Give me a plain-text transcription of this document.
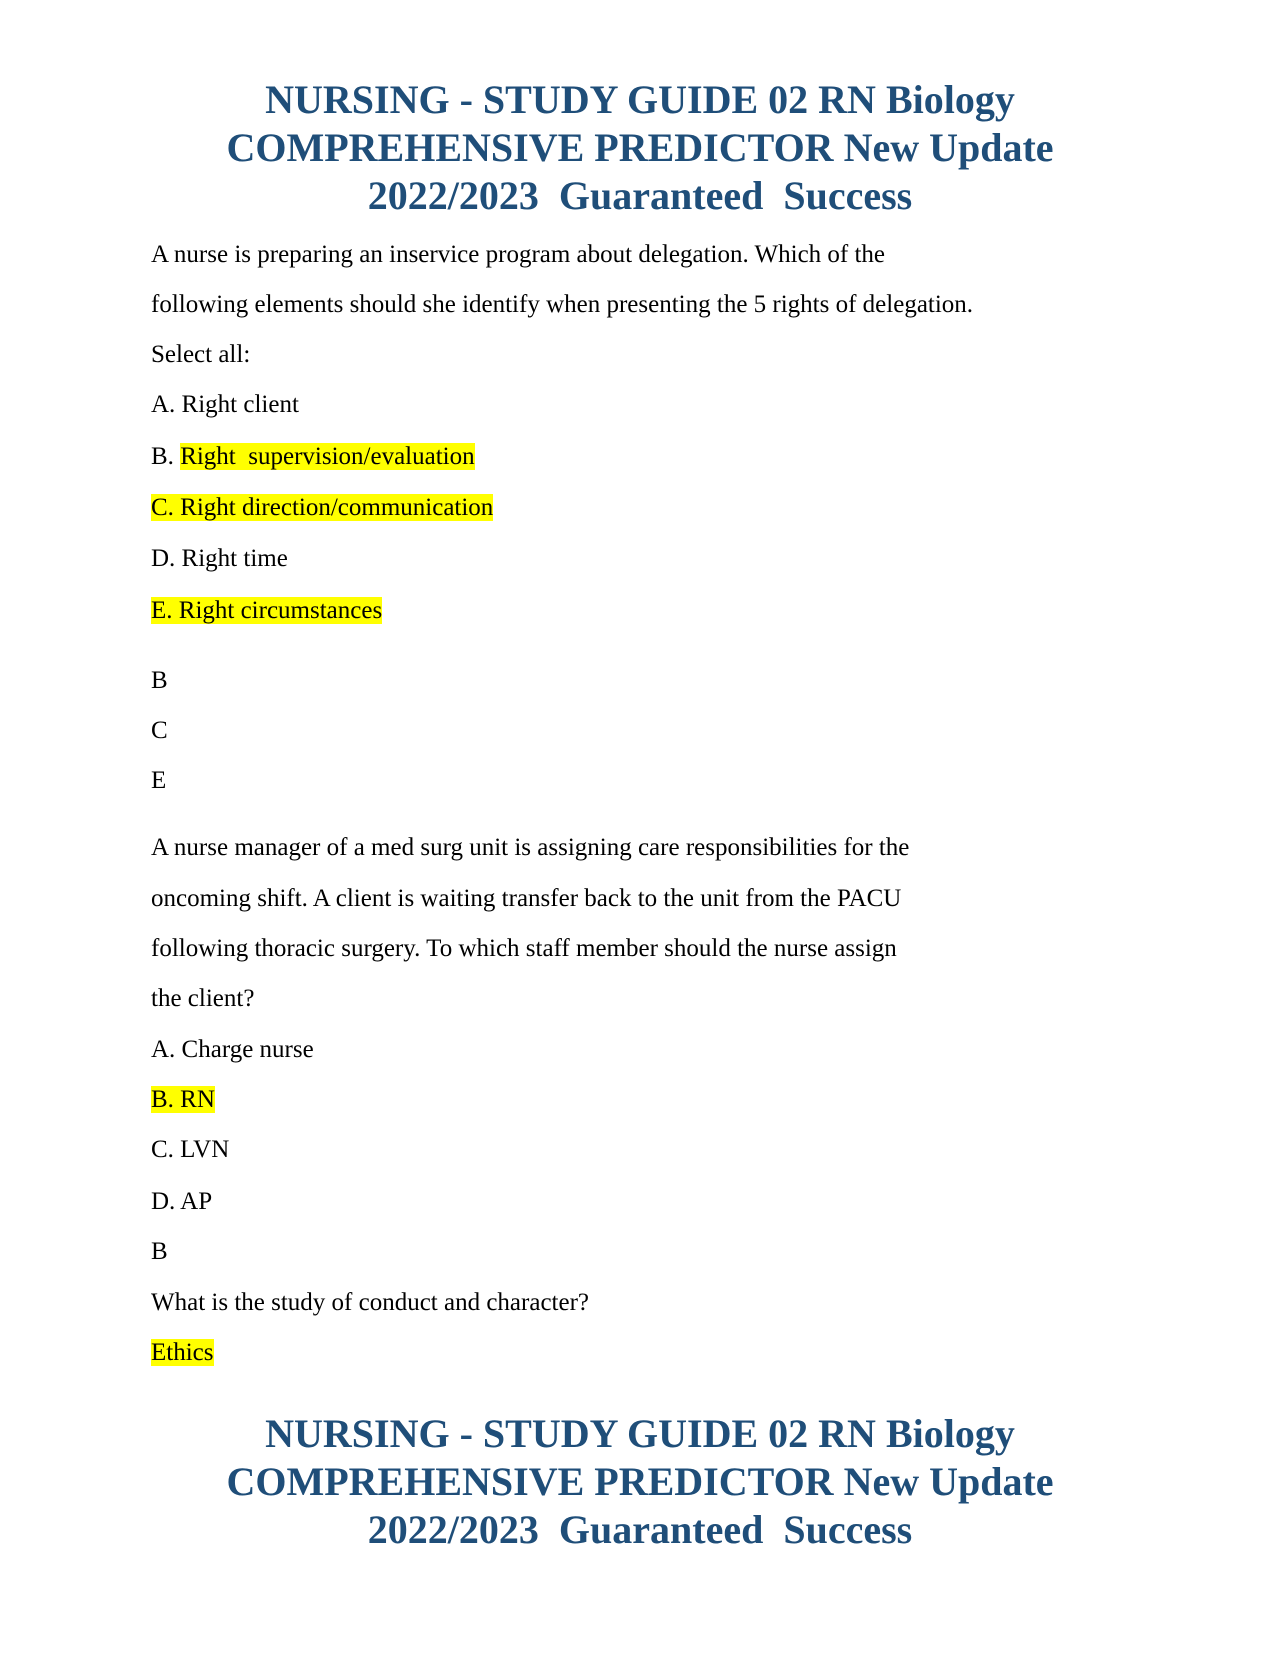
NURSING - STUDY GUIDE 02 RN Biology
COMPREHENSIVE PREDICTOR New Update
2022/2023  Guaranteed  Success
A nurse is preparing an inservice program about delegation. Which of the
following elements should she identify when presenting the 5 rights of delegation.
Select all:
A. Right client
B. Right  supervision/evaluation
C. Right direction/communication
D. Right time
E. Right circumstances
B
C
E
A nurse manager of a med surg unit is assigning care responsibilities for the
oncoming shift. A client is waiting transfer back to the unit from the PACU
following thoracic surgery. To which staff member should the nurse assign
the client?
A. Charge nurse
B. RN
C. LVN
D. AP
B
What is the study of conduct and character?
Ethics
NURSING - STUDY GUIDE 02 RN Biology
COMPREHENSIVE PREDICTOR New Update
2022/2023  Guaranteed  Success
